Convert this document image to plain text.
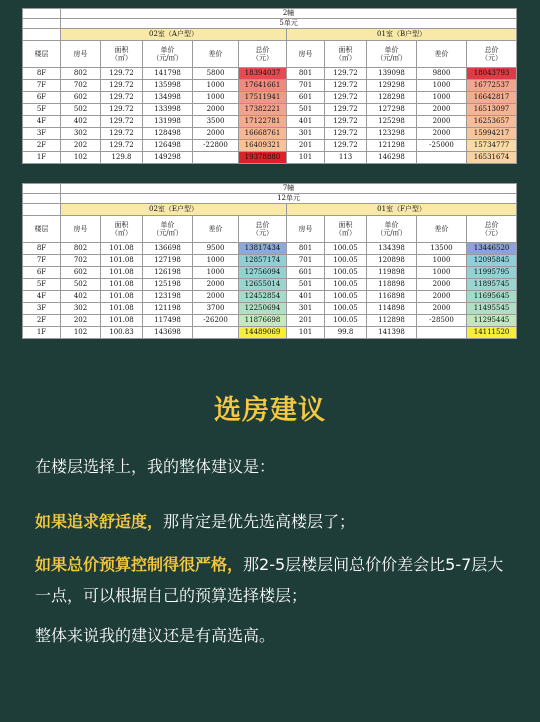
	2幢									
	5单元									
	02室（A户型）					01室（B户型）				

楼层	房号	面积
（㎡）	单价
（元/㎡）	差价	总价
（元）	房号	面积
（㎡）	单价
（元/㎡）	差价	总价
（元）

8F	802	129.72	141798	5800	18394037	801	129.72	139098	9800	18043793
7F	702	129.72	135998	1000	17641661	701	129.72	129298	1000	16772537
6F	602	129.72	134998	1000	17511941	601	129.72	128298	1000	16642817
5F	502	129.72	133998	2000	17382221	501	129.72	127298	2000	16513097
4F	402	129.72	131998	3500	17122781	401	129.72	125298	2000	16253657
3F	302	129.72	128498	2000	16668761	301	129.72	123298	2000	15994217
2F	202	129.72	126498	-22800	16409321	201	129.72	121298	-25000	15734777
1F	102	129.8	149298		19378880	101	113	146298		16531674
	7幢									
	12单元									
	02室（E户型）					01室（F户型）				

楼层	房号	面积
（㎡）	单价
（元/㎡）	差价	总价
（元）	房号	面积
（㎡）	单价
（元/㎡）	差价	总价
（元）

8F	802	101.08	136698	9500	13817434	801	100.05	134398	13500	13446520
7F	702	101.08	127198	1000	12857174	701	100.05	120898	1000	12095845
6F	602	101.08	126198	1000	12756094	601	100.05	119898	1000	11995795
5F	502	101.08	125198	2000	12655014	501	100.05	118898	2000	11895745
4F	402	101.08	123198	2000	12452854	401	100.05	116898	2000	11695645
3F	302	101.08	121198	3700	12250694	301	100.05	114898	2000	11495545
2F	202	101.08	117498	-26200	11876698	201	100.05	112898	-28500	11295445
1F	102	100.83	143698		14489069	101	99.8	141398		14111520
选房建议
在楼层选择上，我的整体建议是：
如果追求舒适度，那肯定是优先选高楼层了；
如果总价预算控制得很严格，那2-5层楼层间总价价差会比5-7层大一点，可以根据自己的预算选择楼层；
整体来说我的建议还是有高选高。
